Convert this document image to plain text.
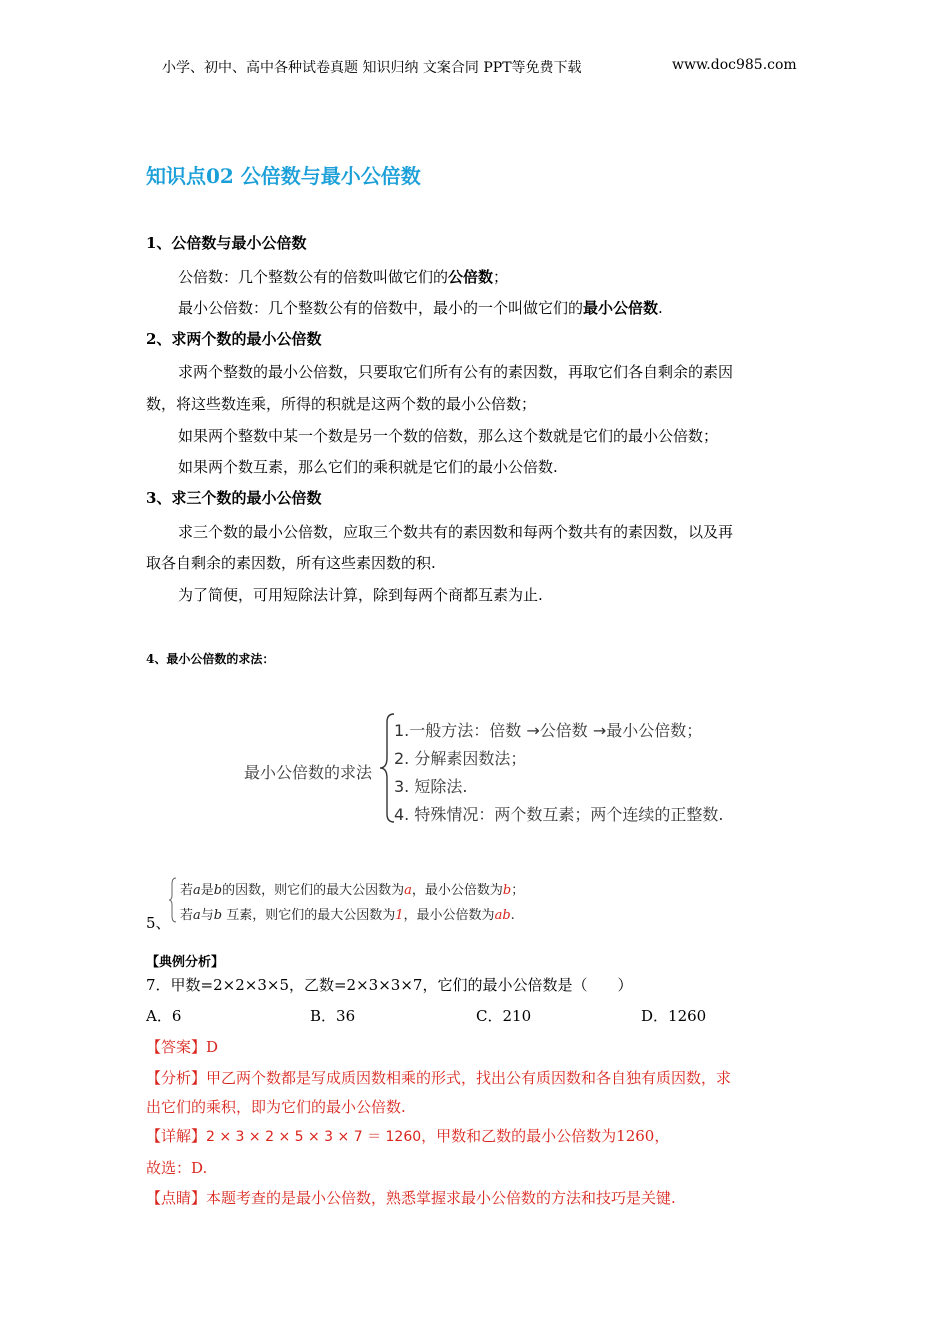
小学、初中、高中各种试卷真题 知识归纳 文案合同 PPT等免费下载	www.doc985.com
知识点02 公倍数与最小公倍数
1、公倍数与最小公倍数
公倍数：几个整数公有的倍数叫做它们的公倍数；
最小公倍数：几个整数公有的倍数中，最小的一个叫做它们的最小公倍数.
2、求两个数的最小公倍数
求两个整数的最小公倍数，只要取它们所有公有的素因数，再取它们各自剩余的素因
数，将这些数连乘，所得的积就是这两个数的最小公倍数；
如果两个整数中某一个数是另一个数的倍数，那么这个数就是它们的最小公倍数；
如果两个数互素，那么它们的乘积就是它们的最小公倍数.
3、求三个数的最小公倍数
求三个数的最小公倍数，应取三个数共有的素因数和每两个数共有的素因数，以及再
取各自剩余的素因数，所有这些素因数的积.
为了简便，可用短除法计算，除到每两个商都互素为止.
4、最小公倍数的求法：
最小公倍数的求法
1.一般方法：倍数 →公倍数 →最小公倍数；
2. 分解素因数法；
3. 短除法.
4. 特殊情况：两个数互素；两个连续的正整数.
5、
若a是b的因数，则它们的最大公因数为a，最小公倍数为b；
若a与b 互素，则它们的最大公因数为1，最小公倍数为ab.
【典例分析】
7．甲数=2×2×3×5，乙数=2×3×3×7，它们的最小公倍数是（　　）
A．6	B．36	C．210	D．1260
【答案】D
【分析】甲乙两个数都是写成质因数相乘的形式，找出公有质因数和各自独有质因数，求
出它们的乘积，即为它们的最小公倍数.
【详解】2 × 3 × 2 × 5 × 3 × 7 ＝ 1260，甲数和乙数的最小公倍数为1260，
故选：D.
【点睛】本题考查的是最小公倍数，熟悉掌握求最小公倍数的方法和技巧是关键.
